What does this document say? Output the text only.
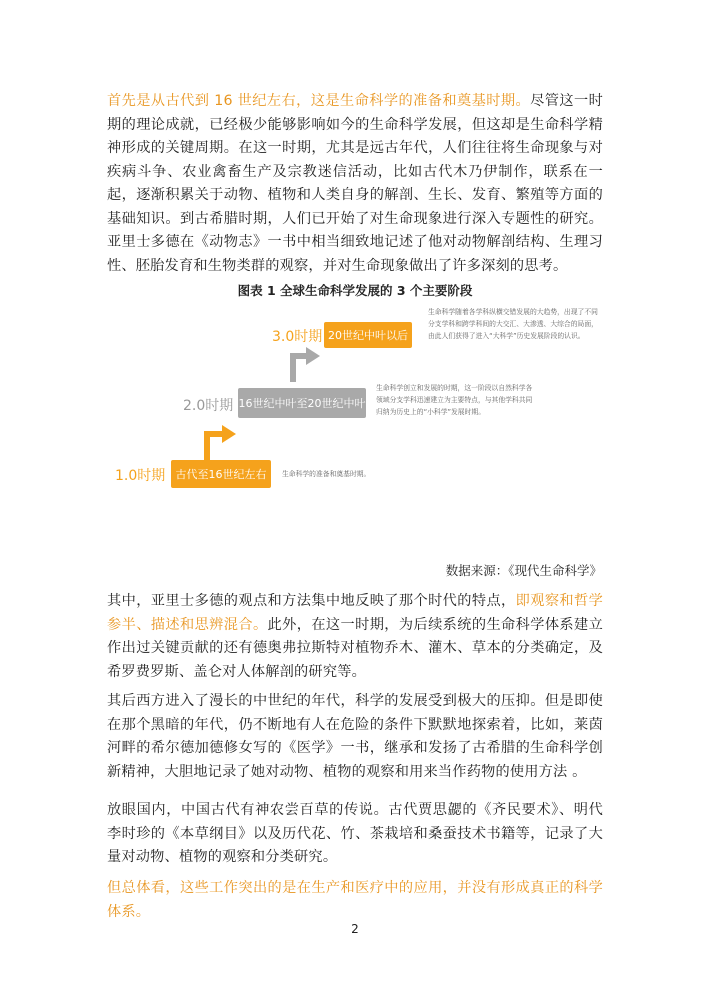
首先是从古代到 16 世纪左右，这是生命科学的准备和奠基时期。尽管这一时期的理论成就，已经极少能够影响如今的生命科学发展，但这却是生命科学精神形成的关键周期。在这一时期，尤其是远古年代，人们往往将生命现象与对疾病斗争、农业禽畜生产及宗教迷信活动，比如古代木乃伊制作，联系在一起，逐渐积累关于动物、植物和人类自身的解剖、生长、发育、繁殖等方面的基础知识。到古希腊时期，人们已开始了对生命现象进行深入专题性的研究。亚里士多德在《动物志》一书中相当细致地记述了他对动物解剖结构、生理习性、胚胎发育和生物类群的观察，并对生命现象做出了许多深刻的思考。

图表 1 全球生命科学发展的 3 个主要阶段
3.0时期 20世纪中叶以后
生命科学随着各学科纵横交错发展的大趋势，出现了不同分支学科和跨学科间的大交汇、大渗透、大综合的局面，由此人们获得了进入“大科学”历史发展阶段的认识。
2.0时期 16世纪中叶至20世纪中叶
生命科学创立和发展的时期，这一阶段以自然科学各领域分支学科迅速建立为主要特点，与其他学科共同归纳为历史上的“小科学”发展时期。
1.0时期 古代至16世纪左右	生命科学的准备和奠基时期。
数据来源：《现代生命科学》

其中，亚里士多德的观点和方法集中地反映了那个时代的特点，即观察和哲学参半、描述和思辨混合。此外，在这一时期，为后续系统的生命科学体系建立作出过关键贡献的还有德奥弗拉斯特对植物乔木、灌木、草本的分类确定，及希罗费罗斯、盖仑对人体解剖的研究等。

其后西方进入了漫长的中世纪的年代，科学的发展受到极大的压抑。但是即使在那个黑暗的年代，仍不断地有人在危险的条件下默默地探索着，比如，莱茵河畔的希尔德加德修女写的《医学》一书，继承和发扬了古希腊的生命科学创新精神，大胆地记录了她对动物、植物的观察和用来当作药物的使用方法 。

放眼国内，中国古代有神农尝百草的传说。古代贾思勰的《齐民要术》、明代李时珍的《本草纲目》以及历代花、竹、茶栽培和桑蚕技术书籍等，记录了大量对动物、植物的观察和分类研究。

但总体看，这些工作突出的是在生产和医疗中的应用，并没有形成真正的科学体系。

2
